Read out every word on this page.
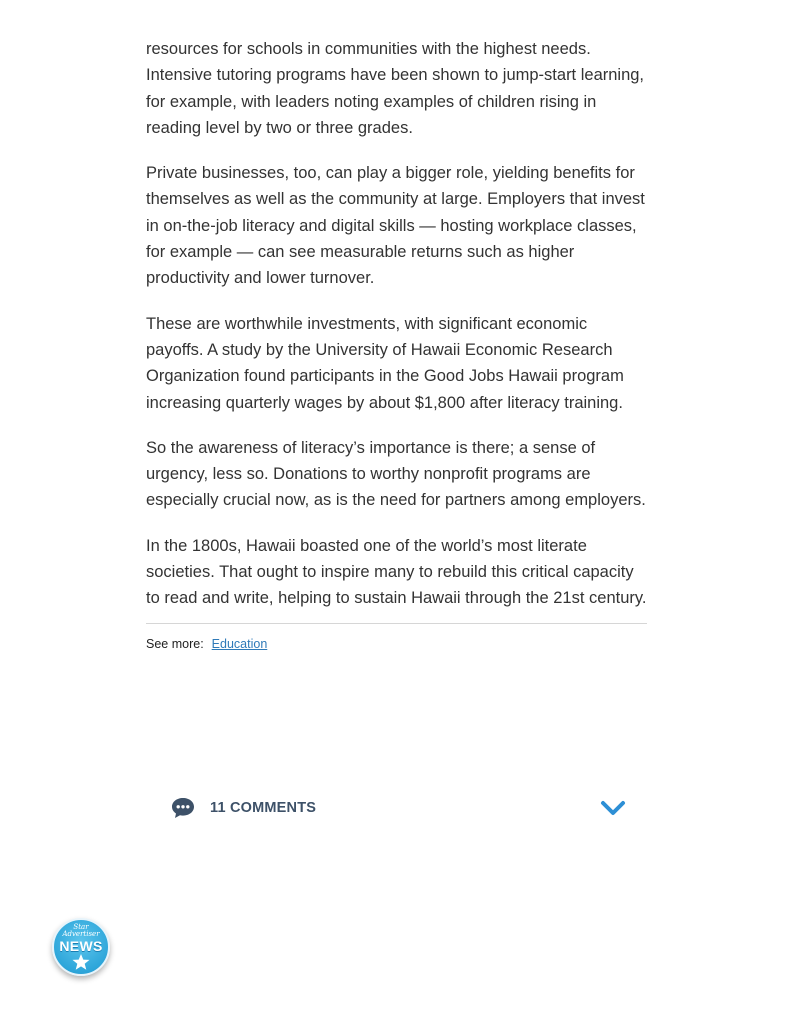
resources for schools in communities with the highest needs. Intensive tutoring programs have been shown to jump-start learning, for example, with leaders noting examples of children rising in reading level by two or three grades.

Private businesses, too, can play a bigger role, yielding benefits for themselves as well as the community at large. Employers that invest in on-the-job literacy and digital skills — hosting workplace classes, for example — can see measurable returns such as higher productivity and lower turnover.

These are worthwhile investments, with significant economic payoffs. A study by the University of Hawaii Economic Research Organization found participants in the Good Jobs Hawaii program increasing quarterly wages by about $1,800 after literacy training.

So the awareness of literacy’s importance is there; a sense of urgency, less so. Donations to worthy nonprofit programs are especially crucial now, as is the need for partners among employers.

In the 1800s, Hawaii boasted one of the world’s most literate societies. That ought to inspire many to rebuild this critical capacity to read and write, helping to sustain Hawaii through the 21st century.

See more: Education
11 COMMENTS
Star Advertiser
NEWS
